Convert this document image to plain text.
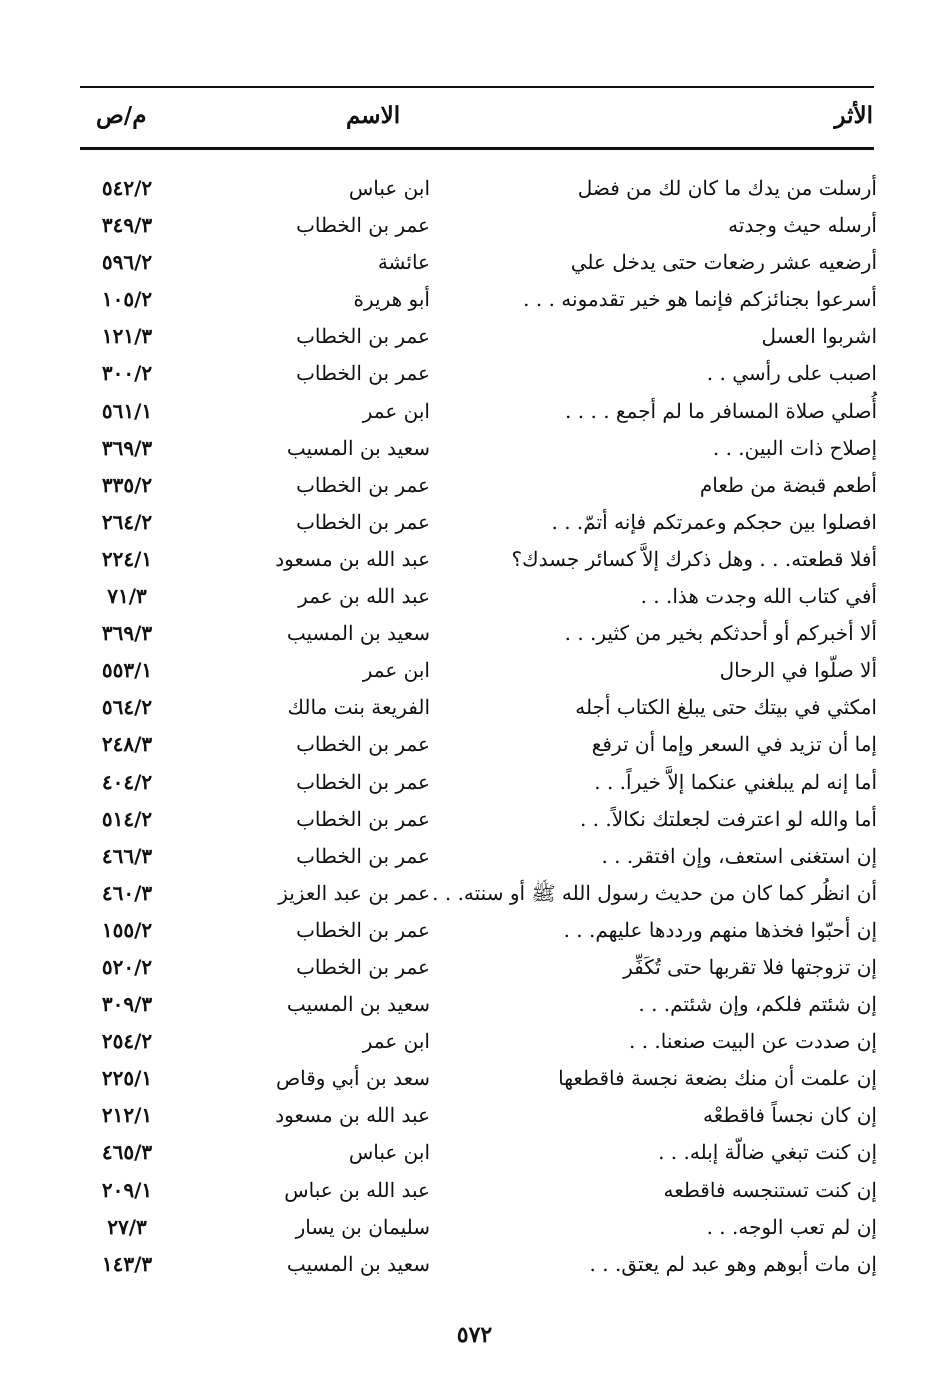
الأثر
الاسم
م/ص
أرسلت من يدك ما كان لك من فضل
ابن عباس
٥٤٢/٢
أرسله حيث وجدته
عمر بن الخطاب
٣٤٩/٣
أرضعيه عشر رضعات حتى يدخل علي
عائشة
٥٩٦/٢
أسرعوا بجنائزكم فإنما هو خير تقدمونه . . .
أبو هريرة
١٠٥/٢
اشربوا العسل
عمر بن الخطاب
١٢١/٣
اصبب على رأسي . .
عمر بن الخطاب
٣٠٠/٢
أُصلي صلاة المسافر ما لم أجمع . . . .
ابن عمر
٥٦١/١
إصلاح ذات البين. . .
سعيد بن المسيب
٣٦٩/٣
أطعم قبضة من طعام
عمر بن الخطاب
٣٣٥/٢
افصلوا بين حجكم وعمرتكم فإنه أتمّ. . .
عمر بن الخطاب
٢٦٤/٢
أفلا قطعته. . . وهل ذكرك إلاَّ كسائر جسدك؟
عبد الله بن مسعود
٢٢٤/١
أفي كتاب الله وجدت هذا. . .
عبد الله بن عمر
٧١/٣
ألا أخبركم أو أحدثكم بخير من كثير. . .
سعيد بن المسيب
٣٦٩/٣
ألا صلّوا في الرحال
ابن عمر
٥٥٣/١
امكثي في بيتك حتى يبلغ الكتاب أجله
الفريعة بنت مالك
٥٦٤/٢
إما أن تزيد في السعر وإما أن ترفع
عمر بن الخطاب
٢٤٨/٣
أما إنه لم يبلغني عنكما إلاَّ خيراً. . .
عمر بن الخطاب
٤٠٤/٢
أما والله لو اعترفت لجعلتك نكالاً. . .
عمر بن الخطاب
٥١٤/٢
إن استغنى استعف، وإن افتقر. . .
عمر بن الخطاب
٤٦٦/٣
أن انظُر كما كان من حديث رسول الله ﷺ أو سنته. . .
عمر بن عبد العزيز
٤٦٠/٣
إن أحبّوا فخذها منهم ورددها عليهم. . .
عمر بن الخطاب
١٥٥/٢
إن تزوجتها فلا تقربها حتى تُكَفِّر
عمر بن الخطاب
٥٢٠/٢
إن شئتم فلكم، وإن شئتم. . .
سعيد بن المسيب
٣٠٩/٣
إن صددت عن البيت صنعنا. . .
ابن عمر
٢٥٤/٢
إن علمت أن منك بضعة نجسة فاقطعها
سعد بن أبي وقاص
٢٢٥/١
إن كان نجساً فاقطعْه
عبد الله بن مسعود
٢١٢/١
إن كنت تبغي ضالّة إبله. . .
ابن عباس
٤٦٥/٣
إن كنت تستنجسه فاقطعه
عبد الله بن عباس
٢٠٩/١
إن لم تعب الوجه. . .
سليمان بن يسار
٢٧/٣
إن مات أبوهم وهو عبد لم يعتق. . .
سعيد بن المسيب
١٤٣/٣
٥٧٢
